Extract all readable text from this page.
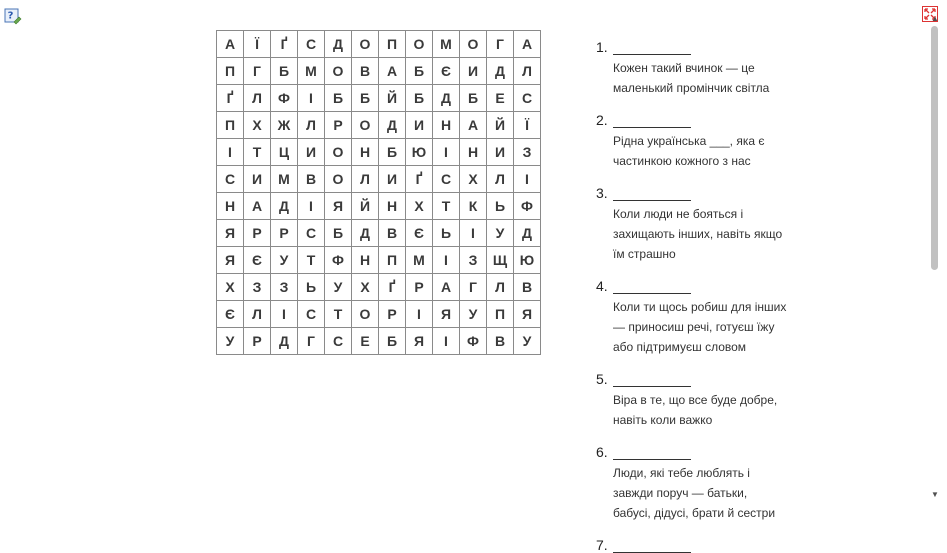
?
А	Ї	Ґ	С	Д	О	П	О	М	О	Г	А
П	Г	Б	М	О	В	А	Б	Є	И	Д	Л
Ґ	Л	Ф	І	Б	Б	Й	Б	Д	Б	Е	С
П	Х	Ж	Л	Р	О	Д	И	Н	А	Й	Ї
І	Т	Ц	И	О	Н	Б	Ю	І	Н	И	З
С	И	М	В	О	Л	И	Ґ	С	Х	Л	І
Н	А	Д	І	Я	Й	Н	Х	Т	К	Ь	Ф
Я	Р	Р	С	Б	Д	В	Є	Ь	І	У	Д
Я	Є	У	Т	Ф	Н	П	М	І	З	Щ	Ю
Х	З	З	Ь	У	Х	Ґ	Р	А	Г	Л	В
Є	Л	І	С	Т	О	Р	І	Я	У	П	Я
У	Р	Д	Г	С	Е	Б	Я	І	Ф	В	У
1.
Кожен такий вчинок — це
маленький промінчик світла
2.
Рідна українська ___, яка є
частинкою кожного з нас
3.
Коли люди не бояться і
захищають інших, навіть якщо
їм страшно
4.
Коли ти щось робиш для інших
— приносиш речі, готуєш їжу
або підтримуєш словом
5.
Віра в те, що все буде добре,
навіть коли важко
6.
Люди, які тебе люблять і
завжди поруч — батьки,
бабусі, дідусі, брати й сестри
7.
▲
▼
